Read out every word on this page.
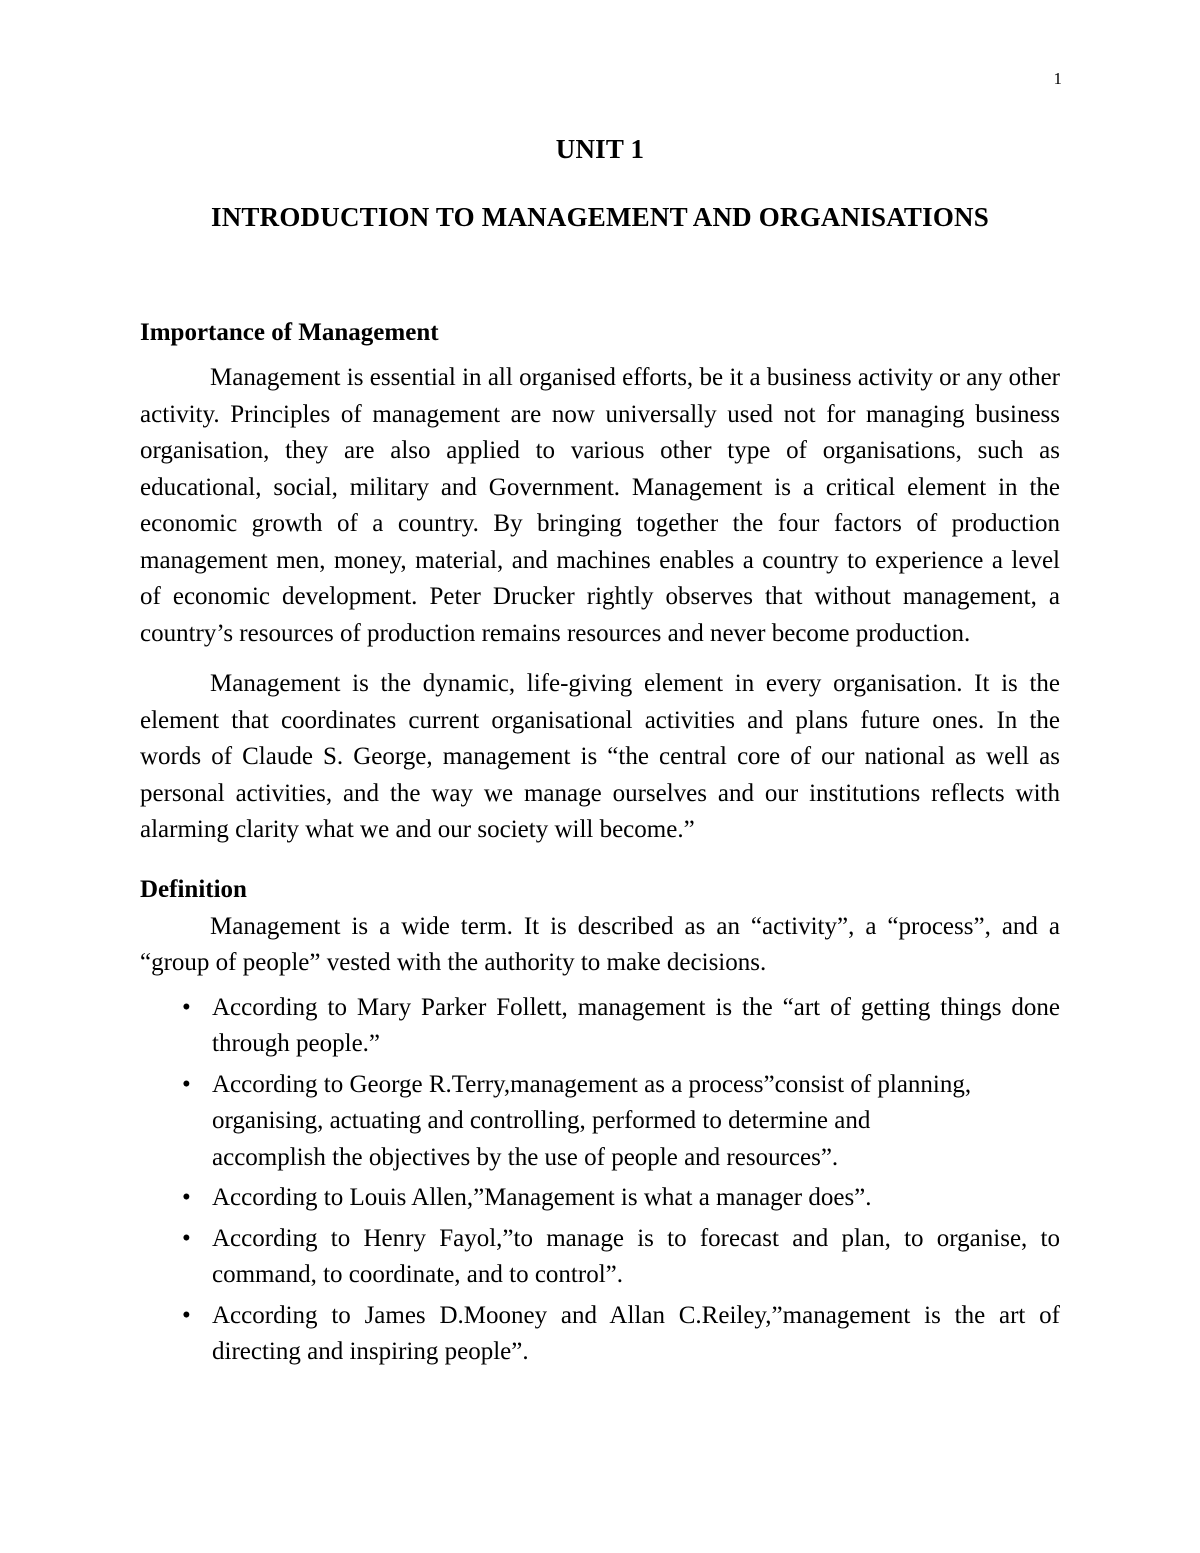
1
UNIT 1
INTRODUCTION TO MANAGEMENT AND ORGANISATIONS
Importance of Management

Management is essential in all organised efforts, be it a business activity or any other activity. Principles of management are now universally used not for managing business organisation, they are also applied to various other type of organisations, such as educational, social, military and Government. Management is a critical element in the economic growth of a country. By bringing together the four factors of production management men, money, material, and machines enables a country to experience a level of economic development. Peter Drucker rightly observes that without management, a country’s resources of production remains resources and never become production.

Management is the dynamic, life-giving element in every organisation. It is the element that coordinates current organisational activities and plans future ones. In the words of Claude S. George, management is “the central core of our national as well as personal activities, and the way we manage ourselves and our institutions reflects with alarming clarity what we and our society will become.”

Definition

Management is a wide term. It is described as an “activity”, a “process”, and a “group of people” vested with the authority to make decisions.

• According to Mary Parker Follett, management is the “art of getting things done through people.”
• According to George R.Terry,management as a process”consist of planning,
organising, actuating and controlling, performed to determine and
accomplish the objectives by the use of people and resources”.
• According to Louis Allen,”Management is what a manager does”.
• According to Henry Fayol,”to manage is to forecast and plan, to organise, to command, to coordinate, and to control”.
• According to James D.Mooney and Allan C.Reiley,”management is the art of directing and inspiring people”.
